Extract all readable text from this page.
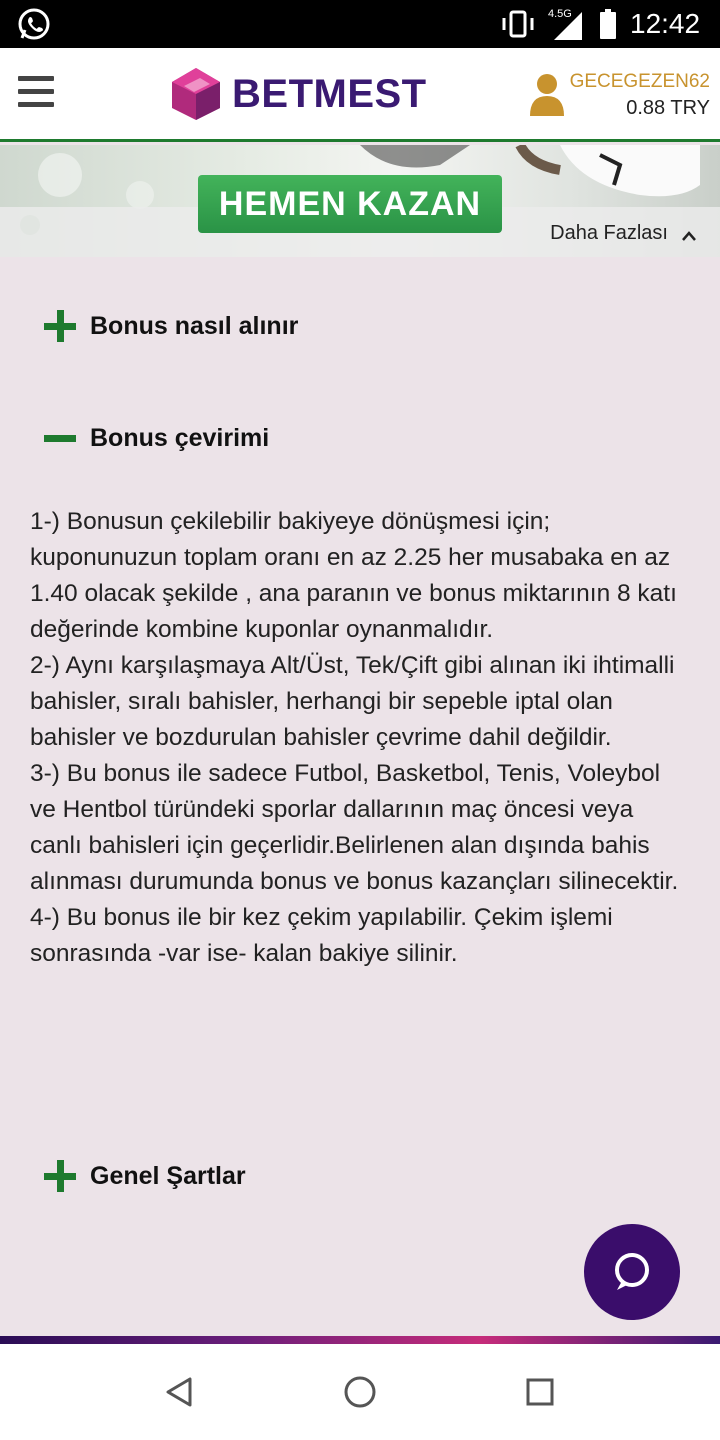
4.5G 12:42
BETMEST	GECEGEZEN62
0.88 TRY
HEMEN KAZAN
Daha Fazlası
Bonus nasıl alınır
Bonus çevirimi

1-) Bonusun çekilebilir bakiyeye dönüşmesi için; kuponunuzun toplam oranı en az 2.25 her musabaka en az 1.40 olacak şekilde , ana paranın ve bonus miktarının 8 katı değerinde kombine kuponlar oynanmalıdır.

2-) Aynı karşılaşmaya Alt/Üst, Tek/Çift gibi alınan iki ihtimalli bahisler, sıralı bahisler, herhangi bir sepeble iptal olan bahisler ve bozdurulan bahisler çevrime dahil değildir.

3-) Bu bonus ile sadece Futbol, Basketbol, Tenis, Voleybol ve Hentbol türündeki sporlar dallarının maç öncesi veya canlı bahisleri için geçerlidir.Belirlenen alan dışında bahis alınması durumunda bonus ve bonus kazançları silinecektir.

4-) Bu bonus ile bir kez çekim yapılabilir. Çekim işlemi sonrasında -var ise- kalan bakiye silinir.

Genel Şartlar
